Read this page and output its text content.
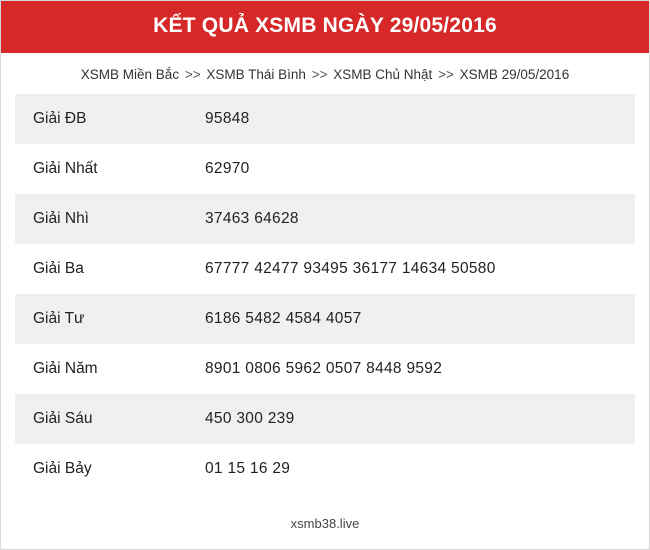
KẾT QUẢ XSMB NGÀY 29/05/2016
XSMB Miền Bắc >> XSMB Thái Bình >> XSMB Chủ Nhật >> XSMB 29/05/2016
Giải ĐB	95848
Giải Nhất	62970
Giải Nhì	37463 64628
Giải Ba	67777 42477 93495 36177 14634 50580
Giải Tư	6186 5482 4584 4057
Giải Năm	8901 0806 5962 0507 8448 9592
Giải Sáu	450 300 239
Giải Bảy	01 15 16 29
xsmb38.live
